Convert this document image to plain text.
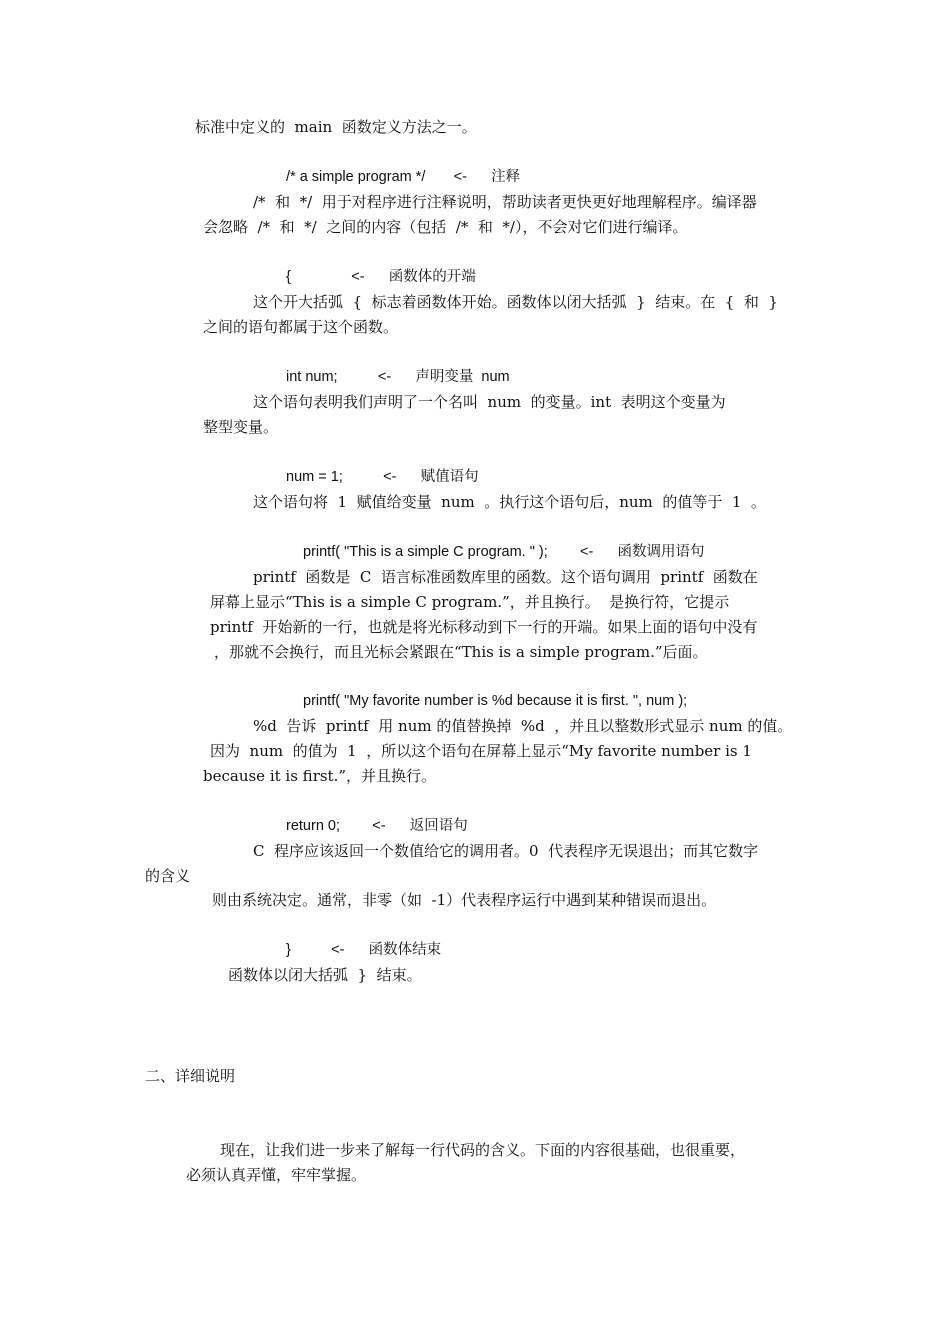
标准中定义的  main  函数定义方法之一。
/* a simple program */       <-      注释
/*  和  */  用于对程序进行注释说明，帮助读者更快更好地理解程序。编译器
会忽略  /*  和  */  之间的内容（包括  /*  和  */），不会对它们进行编译。
{               <-      函数体的开端
这个开大括弧  {  标志着函数体开始。函数体以闭大括弧  }  结束。在  {  和  }
之间的语句都属于这个函数。
int num;          <-      声明变量  num
这个语句表明我们声明了一个名叫  num  的变量。int  表明这个变量为
整型变量。
num = 1;          <-      赋值语句
这个语句将  1  赋值给变量  num  。执行这个语句后，num  的值等于  1  。
printf( "This is a simple C program. " );        <-      函数调用语句
printf  函数是  C  语言标准函数库里的函数。这个语句调用  printf  函数在
屏幕上显示“This is a simple C program.”，并且换行。  是换行符，它提示
printf  开始新的一行，也就是将光标移动到下一行的开端。如果上面的语句中没有
，那就不会换行，而且光标会紧跟在“This is a simple program.”后面。
printf( "My favorite number is %d because it is first. ", num );
%d  告诉  printf  用 num 的值替换掉  %d  ，并且以整数形式显示 num 的值。
因为  num  的值为  1  ，所以这个语句在屏幕上显示“My favorite number is 1
because it is first.”，并且换行。
return 0;        <-      返回语句
C  程序应该返回一个数值给它的调用者。0  代表程序无误退出；而其它数字
的含义
则由系统决定。通常，非零（如  -1）代表程序运行中遇到某种错误而退出。
}          <-      函数体结束
函数体以闭大括弧  }  结束。
二、详细说明
现在，让我们进一步来了解每一行代码的含义。下面的内容很基础，也很重要，
必须认真弄懂，牢牢掌握。
